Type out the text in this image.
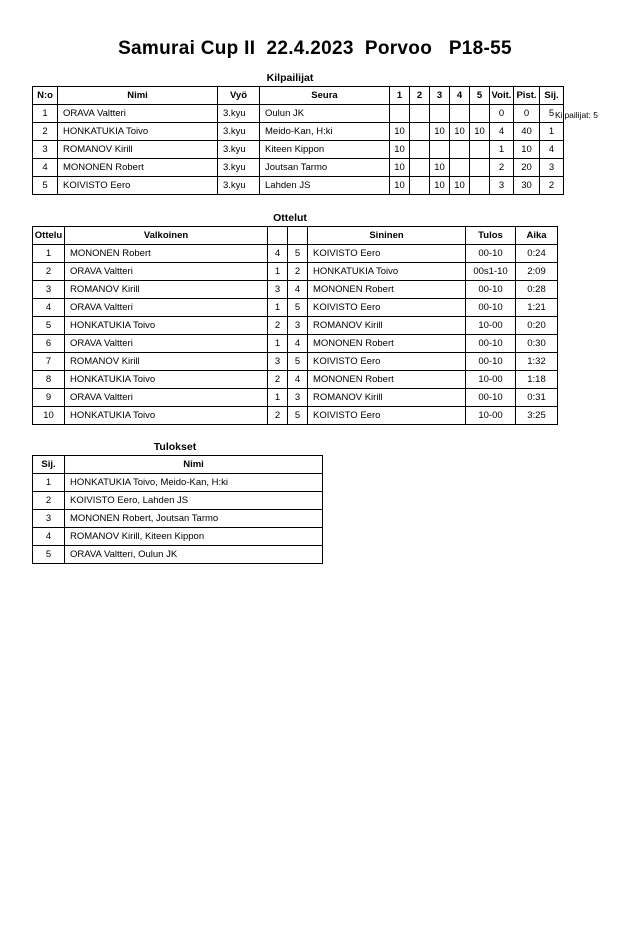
Samurai Cup II  22.4.2023  Porvoo   P18-55
Kilpailijat: 5
Kilpailijat
N:o	Nimi	Vyö	Seura	1	2	3	4	5	Voit.	Pist.	Sij.
1	ORAVA Valtteri	3.kyu	Oulun JK						0	0	5
2	HONKATUKIA Toivo	3.kyu	Meido-Kan, H:ki	10		10	10	10	4	40	1
3	ROMANOV Kirill	3.kyu	Kiteen Kippon	10					1	10	4
4	MONONEN Robert	3.kyu	Joutsan Tarmo	10		10			2	20	3
5	KOIVISTO Eero	3.kyu	Lahden JS	10		10	10		3	30	2
Ottelut
Ottelu	Valkoinen			Sininen	Tulos	Aika
1	MONONEN Robert	4	5	KOIVISTO Eero	00-10	0:24
2	ORAVA Valtteri	1	2	HONKATUKIA Toivo	00s1-10	2:09
3	ROMANOV Kirill	3	4	MONONEN Robert	00-10	0:28
4	ORAVA Valtteri	1	5	KOIVISTO Eero	00-10	1:21
5	HONKATUKIA Toivo	2	3	ROMANOV Kirill	10-00	0:20
6	ORAVA Valtteri	1	4	MONONEN Robert	00-10	0:30
7	ROMANOV Kirill	3	5	KOIVISTO Eero	00-10	1:32
8	HONKATUKIA Toivo	2	4	MONONEN Robert	10-00	1:18
9	ORAVA Valtteri	1	3	ROMANOV Kirill	00-10	0:31
10	HONKATUKIA Toivo	2	5	KOIVISTO Eero	10-00	3:25
Tulokset
Sij.	Nimi
1	HONKATUKIA Toivo, Meido-Kan, H:ki
2	KOIVISTO Eero, Lahden JS
3	MONONEN Robert, Joutsan Tarmo
4	ROMANOV Kirill, Kiteen Kippon
5	ORAVA Valtteri, Oulun JK
